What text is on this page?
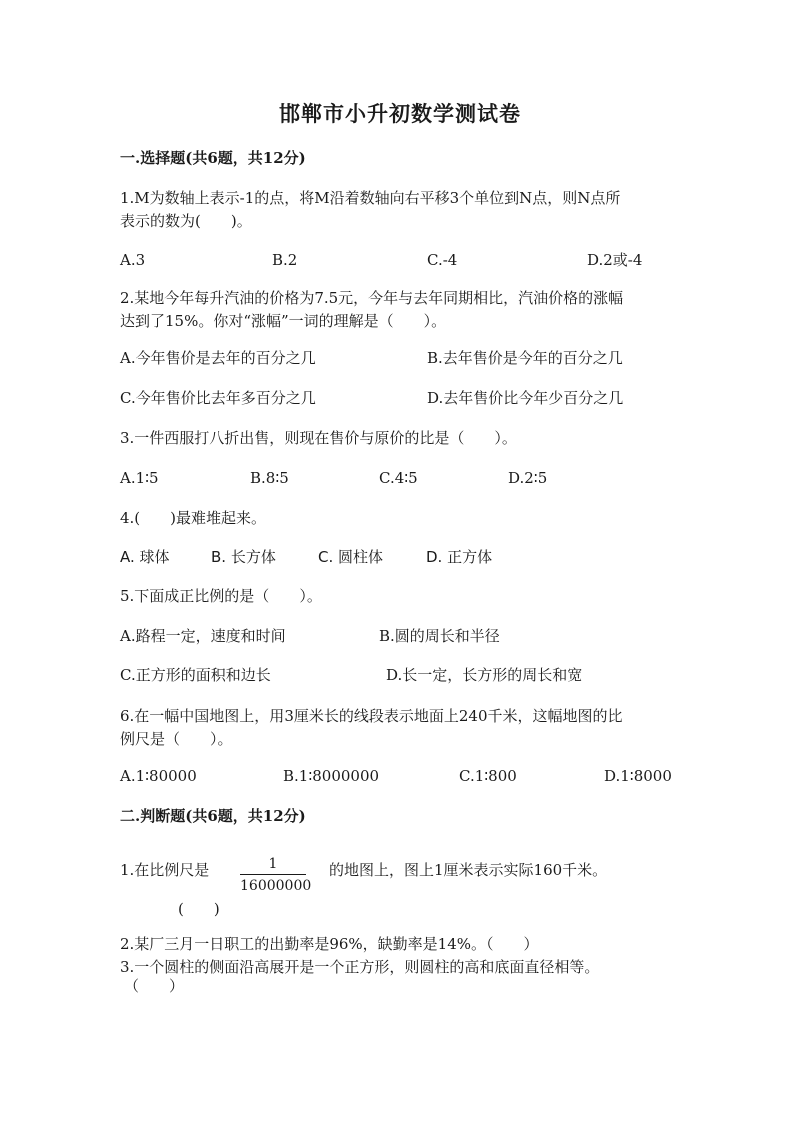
邯郸市小升初数学测试卷
一.选择题(共6题，共12分)
1.M为数轴上表示-1的点，将M沿着数轴向右平移3个单位到N点，则N点所
表示的数为(　　)。
A.3	B.2	C.-4	D.2或-4
2.某地今年每升汽油的价格为7.5元，今年与去年同期相比，汽油价格的涨幅
达到了15%。你对“涨幅”一词的理解是（　　）。
A.今年售价是去年的百分之几	B.去年售价是今年的百分之几
C.今年售价比去年多百分之几	D.去年售价比今年少百分之几
3.一件西服打八折出售，则现在售价与原价的比是（　　）。
A.1∶5	B.8∶5	C.4∶5	D.2∶5
4.(　　)最难堆起来。
A. 球体	B. 长方体	C. 圆柱体	D. 正方体
5.下面成正比例的是（　　）。
A.路程一定，速度和时间	B.圆的周长和半径
C.正方形的面积和边长	D.长一定，长方形的周长和宽
6.在一幅中国地图上，用3厘米长的线段表示地面上240千米，这幅地图的比
例尺是（　　）。
A.1∶80000	B.1∶8000000	C.1∶800	D.1∶8000
二.判断题(共6题，共12分)
1.在比例尺是	1
16000000
的地图上，图上1厘米表示实际160千米。
(　　)
2.某厂三月一日职工的出勤率是96%，缺勤率是14%。（　　）
3.一个圆柱的侧面沿高展开是一个正方形，则圆柱的高和底面直径相等。
（　　）
